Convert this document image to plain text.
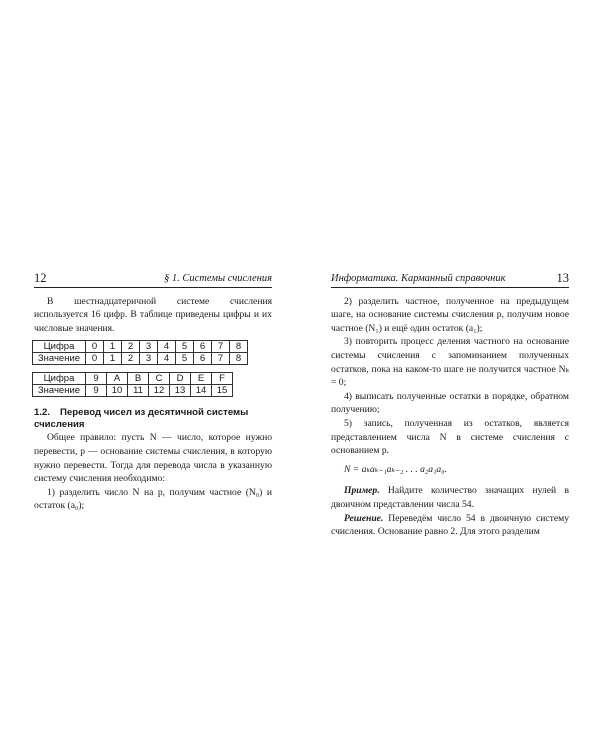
12	§ 1. Системы счисления

В шестнадцатеричной системе счисления используется 16 цифр. В таблице приведены цифры и их числовые значения.

Цифра	0	1	2	3	4	5	6	7	8
Значение	0	1	2	3	4	5	6	7	8
Цифра	9	A	B	C	D	E	F
Значение	9	10	11	12	13	14	15
1.2. Перевод чисел из десятичной системы счисления

Общее правило: пусть N — число, которое нужно перевести, p — основание системы счисления, в которую нужно перевести. Тогда для перевода числа в указанную систему счисления необходимо:

1) разделить число N на p, получим частное (N₀) и остаток (a₀);

Информатика. Карманный справочник	13

2) разделить частное, полученное на предыдущем шаге, на основание системы счисления p, получим новое частное (N₁) и ещё один остаток (a₁);

3) повторить процесс деления частного на основание системы счисления с запоминанием полученных остатков, пока на каком-то шаге не получится частное Nₖ = 0;

4) выписать полученные остатки в порядке, обратном получению;

5) запись, полученная из остатков, является представлением числа N в системе счисления с основанием p.

N = aₖaₖ₋₁aₖ₋₂ . . . a₂a₁a₀.

Пример. Найдите количество значащих нулей в двоичном представлении числа 54.

Решение. Переведём число 54 в двоичную систему счисления. Основание равно 2. Для этого разделим
